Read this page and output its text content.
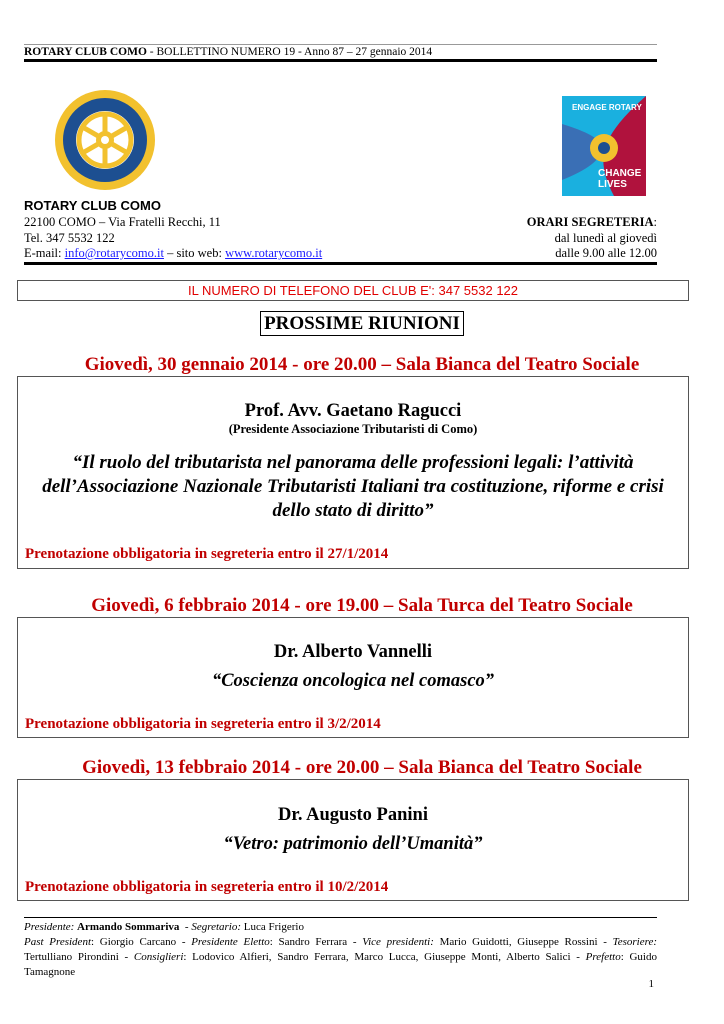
ROTARY CLUB COMO - BOLLETTINO NUMERO 19 - Anno 87 – 27 gennaio 2014
ENGAGE ROTARY
CHANGE LIVES
ROTARY CLUB COMO
22100 COMO – Via Fratelli Recchi, 11
Tel. 347 5532 122
E-mail: info@rotarycomo.it – sito web: www.rotarycomo.it
ORARI SEGRETERIA:
dal lunedì al giovedì
dalle 9.00 alle 12.00
IL NUMERO DI TELEFONO DEL CLUB E': 347 5532 122
PROSSIME RIUNIONI
Giovedì, 30 gennaio 2014 - ore 20.00 – Sala Bianca del Teatro Sociale
Prof. Avv. Gaetano Ragucci
(Presidente Associazione Tributaristi di Como)
“Il ruolo del tributarista nel panorama delle professioni legali: l’attività dell’Associazione Nazionale Tributaristi Italiani tra costituzione, riforme e crisi dello stato di diritto”
Prenotazione obbligatoria in segreteria entro il 27/1/2014
Giovedì, 6 febbraio 2014 - ore 19.00 – Sala Turca del Teatro Sociale
Dr. Alberto Vannelli
“Coscienza oncologica nel comasco”
Prenotazione obbligatoria in segreteria entro il 3/2/2014
Giovedì, 13 febbraio 2014 - ore 20.00 – Sala Bianca del Teatro Sociale
Dr. Augusto Panini
“Vetro: patrimonio dell’Umanità”
Prenotazione obbligatoria in segreteria entro il 10/2/2014
Presidente: Armando Sommariva - Segretario: Luca Frigerio
Past President: Giorgio Carcano - Presidente Eletto: Sandro Ferrara - Vice presidenti: Mario Guidotti, Giuseppe Rossini - Tesoriere: Tertulliano Pirondini - Consiglieri: Lodovico Alfieri, Sandro Ferrara, Marco Lucca, Giuseppe Monti, Alberto Salici - Prefetto: Guido Tamagnone
1
